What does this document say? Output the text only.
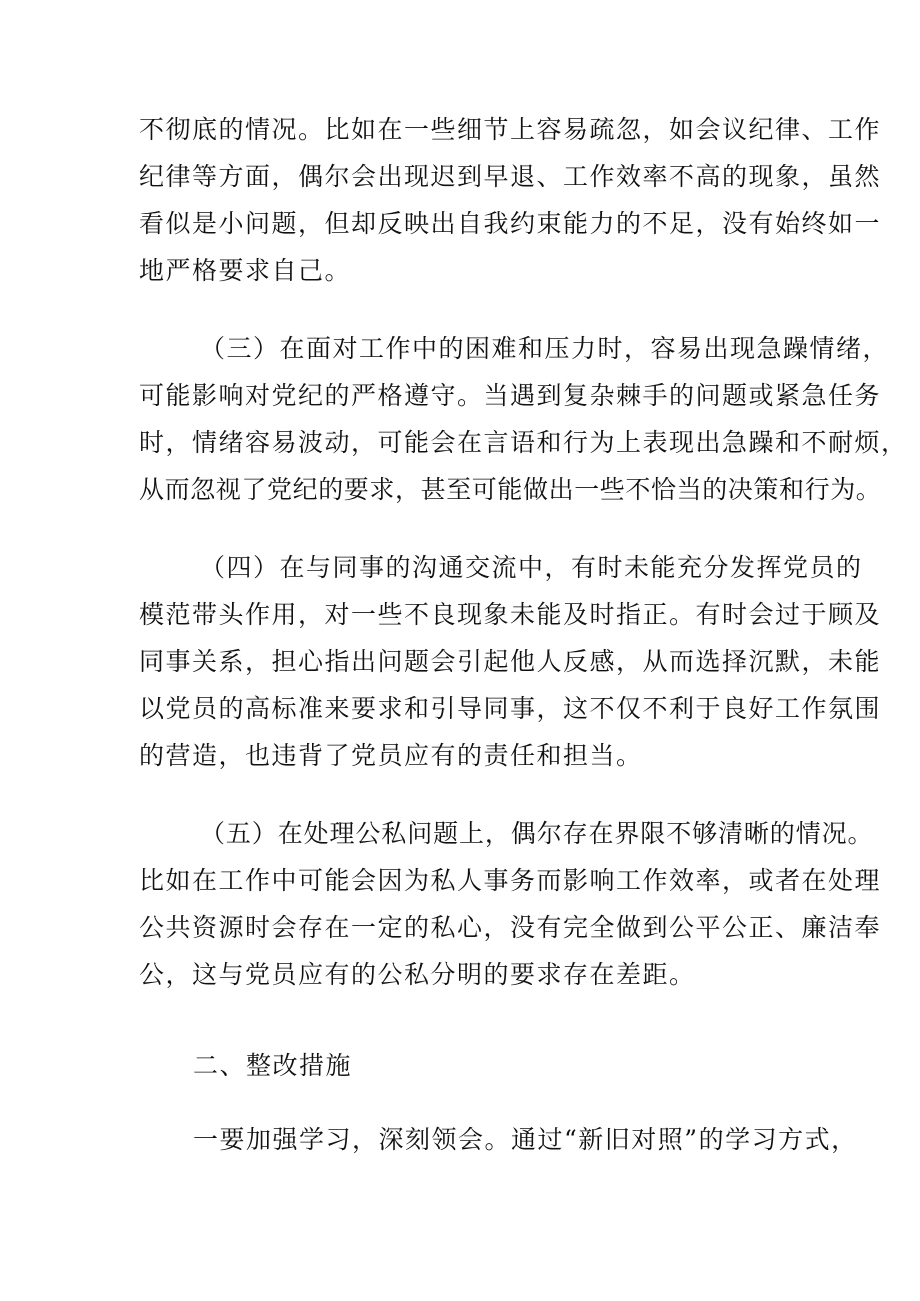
不彻底的情况。比如在一些细节上容易疏忽，如会议纪律、工作
纪律等方面，偶尔会出现迟到早退、工作效率不高的现象，虽然
看似是小问题，但却反映出自我约束能力的不足，没有始终如一
地严格要求自己。
（三）在面对工作中的困难和压力时，容易出现急躁情绪，
可能影响对党纪的严格遵守。当遇到复杂棘手的问题或紧急任务
时，情绪容易波动，可能会在言语和行为上表现出急躁和不耐烦，
从而忽视了党纪的要求，甚至可能做出一些不恰当的决策和行为。
（四）在与同事的沟通交流中，有时未能充分发挥党员的
模范带头作用，对一些不良现象未能及时指正。有时会过于顾及
同事关系，担心指出问题会引起他人反感，从而选择沉默，未能
以党员的高标准来要求和引导同事，这不仅不利于良好工作氛围
的营造，也违背了党员应有的责任和担当。
（五）在处理公私问题上，偶尔存在界限不够清晰的情况。
比如在工作中可能会因为私人事务而影响工作效率，或者在处理
公共资源时会存在一定的私心，没有完全做到公平公正、廉洁奉
公，这与党员应有的公私分明的要求存在差距。
二、整改措施
一要加强学习，深刻领会。通过“新旧对照”的学习方式，
